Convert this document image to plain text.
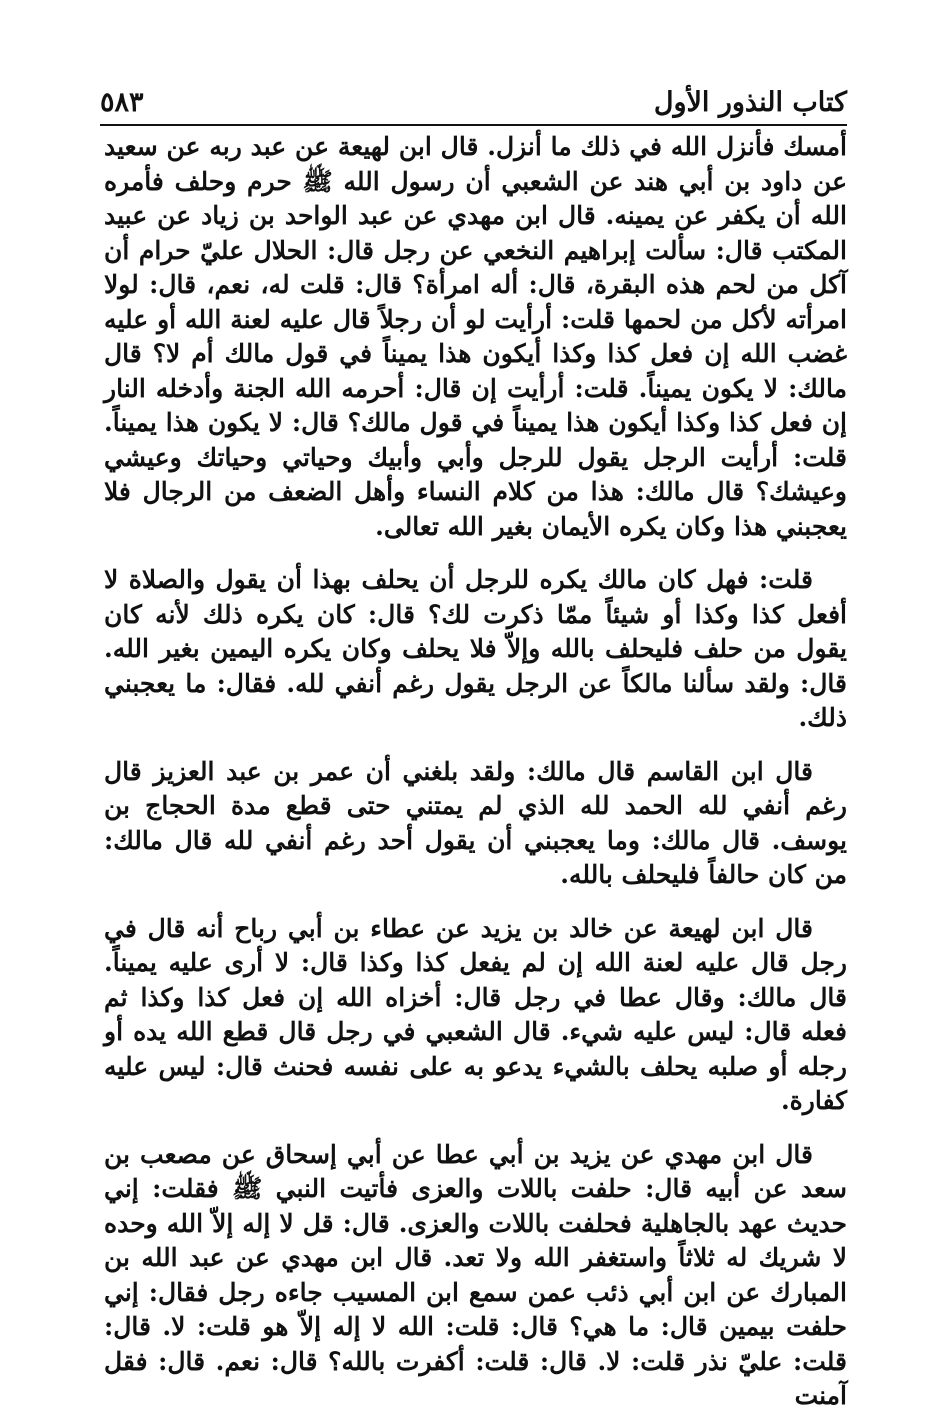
كتاب النذور الأول
٥٨٣

أمسك فأنزل الله في ذلك ما أنزل. قال ابن لهيعة عن عبد ربه عن سعيد عن داود بن أبي هند عن الشعبي أن رسول الله ﷺ حرم وحلف فأمره الله أن يكفر عن يمينه. قال ابن مهدي عن عبد الواحد بن زياد عن عبيد المكتب قال: سألت إبراهيم النخعي عن رجل قال: الحلال عليّ حرام أن آكل من لحم هذه البقرة، قال: أله امرأة؟ قال: قلت له، نعم، قال: لولا امرأته لأكل من لحمها قلت: أرأيت لو أن رجلاً قال عليه لعنة الله أو عليه غضب الله إن فعل كذا وكذا أيكون هذا يميناً في قول مالك أم لا؟ قال مالك: لا يكون يميناً. قلت: أرأيت إن قال: أحرمه الله الجنة وأدخله النار إن فعل كذا وكذا أيكون هذا يميناً في قول مالك؟ قال: لا يكون هذا يميناً. قلت: أرأيت الرجل يقول للرجل وأبي وأبيك وحياتي وحياتك وعيشي وعيشك؟ قال مالك: هذا من كلام النساء وأهل الضعف من الرجال فلا يعجبني هذا وكان يكره الأيمان بغير الله تعالى.

قلت: فهل كان مالك يكره للرجل أن يحلف بهذا أن يقول والصلاة لا أفعل كذا وكذا أو شيئاً ممّا ذكرت لك؟ قال: كان يكره ذلك لأنه كان يقول من حلف فليحلف بالله وإلاّ فلا يحلف وكان يكره اليمين بغير الله. قال: ولقد سألنا مالكاً عن الرجل يقول رغم أنفي لله. فقال: ما يعجبني ذلك.

قال ابن القاسم قال مالك: ولقد بلغني أن عمر بن عبد العزيز قال رغم أنفي لله الحمد لله الذي لم يمتني حتى قطع مدة الحجاج بن يوسف. قال مالك: وما يعجبني أن يقول أحد رغم أنفي لله قال مالك: من كان حالفاً فليحلف بالله.

قال ابن لهيعة عن خالد بن يزيد عن عطاء بن أبي رباح أنه قال في رجل قال عليه لعنة الله إن لم يفعل كذا وكذا قال: لا أرى عليه يميناً. قال مالك: وقال عطا في رجل قال: أخزاه الله إن فعل كذا وكذا ثم فعله قال: ليس عليه شيء. قال الشعبي في رجل قال قطع الله يده أو رجله أو صلبه يحلف بالشيء يدعو به على نفسه فحنث قال: ليس عليه كفارة.

قال ابن مهدي عن يزيد بن أبي عطا عن أبي إسحاق عن مصعب بن سعد عن أبيه قال: حلفت باللات والعزى فأتيت النبي ﷺ فقلت: إني حديث عهد بالجاهلية فحلفت باللات والعزى. قال: قل لا إله إلاّ الله وحده لا شريك له ثلاثاً واستغفر الله ولا تعد. قال ابن مهدي عن عبد الله بن المبارك عن ابن أبي ذئب عمن سمع ابن المسيب جاءه رجل فقال: إني حلفت بيمين قال: ما هي؟ قال: قلت: الله لا إله إلاّ هو قلت: لا. قال: قلت: عليّ نذر قلت: لا. قال: قلت: أكفرت بالله؟ قال: نعم. قال: فقل آمنت
